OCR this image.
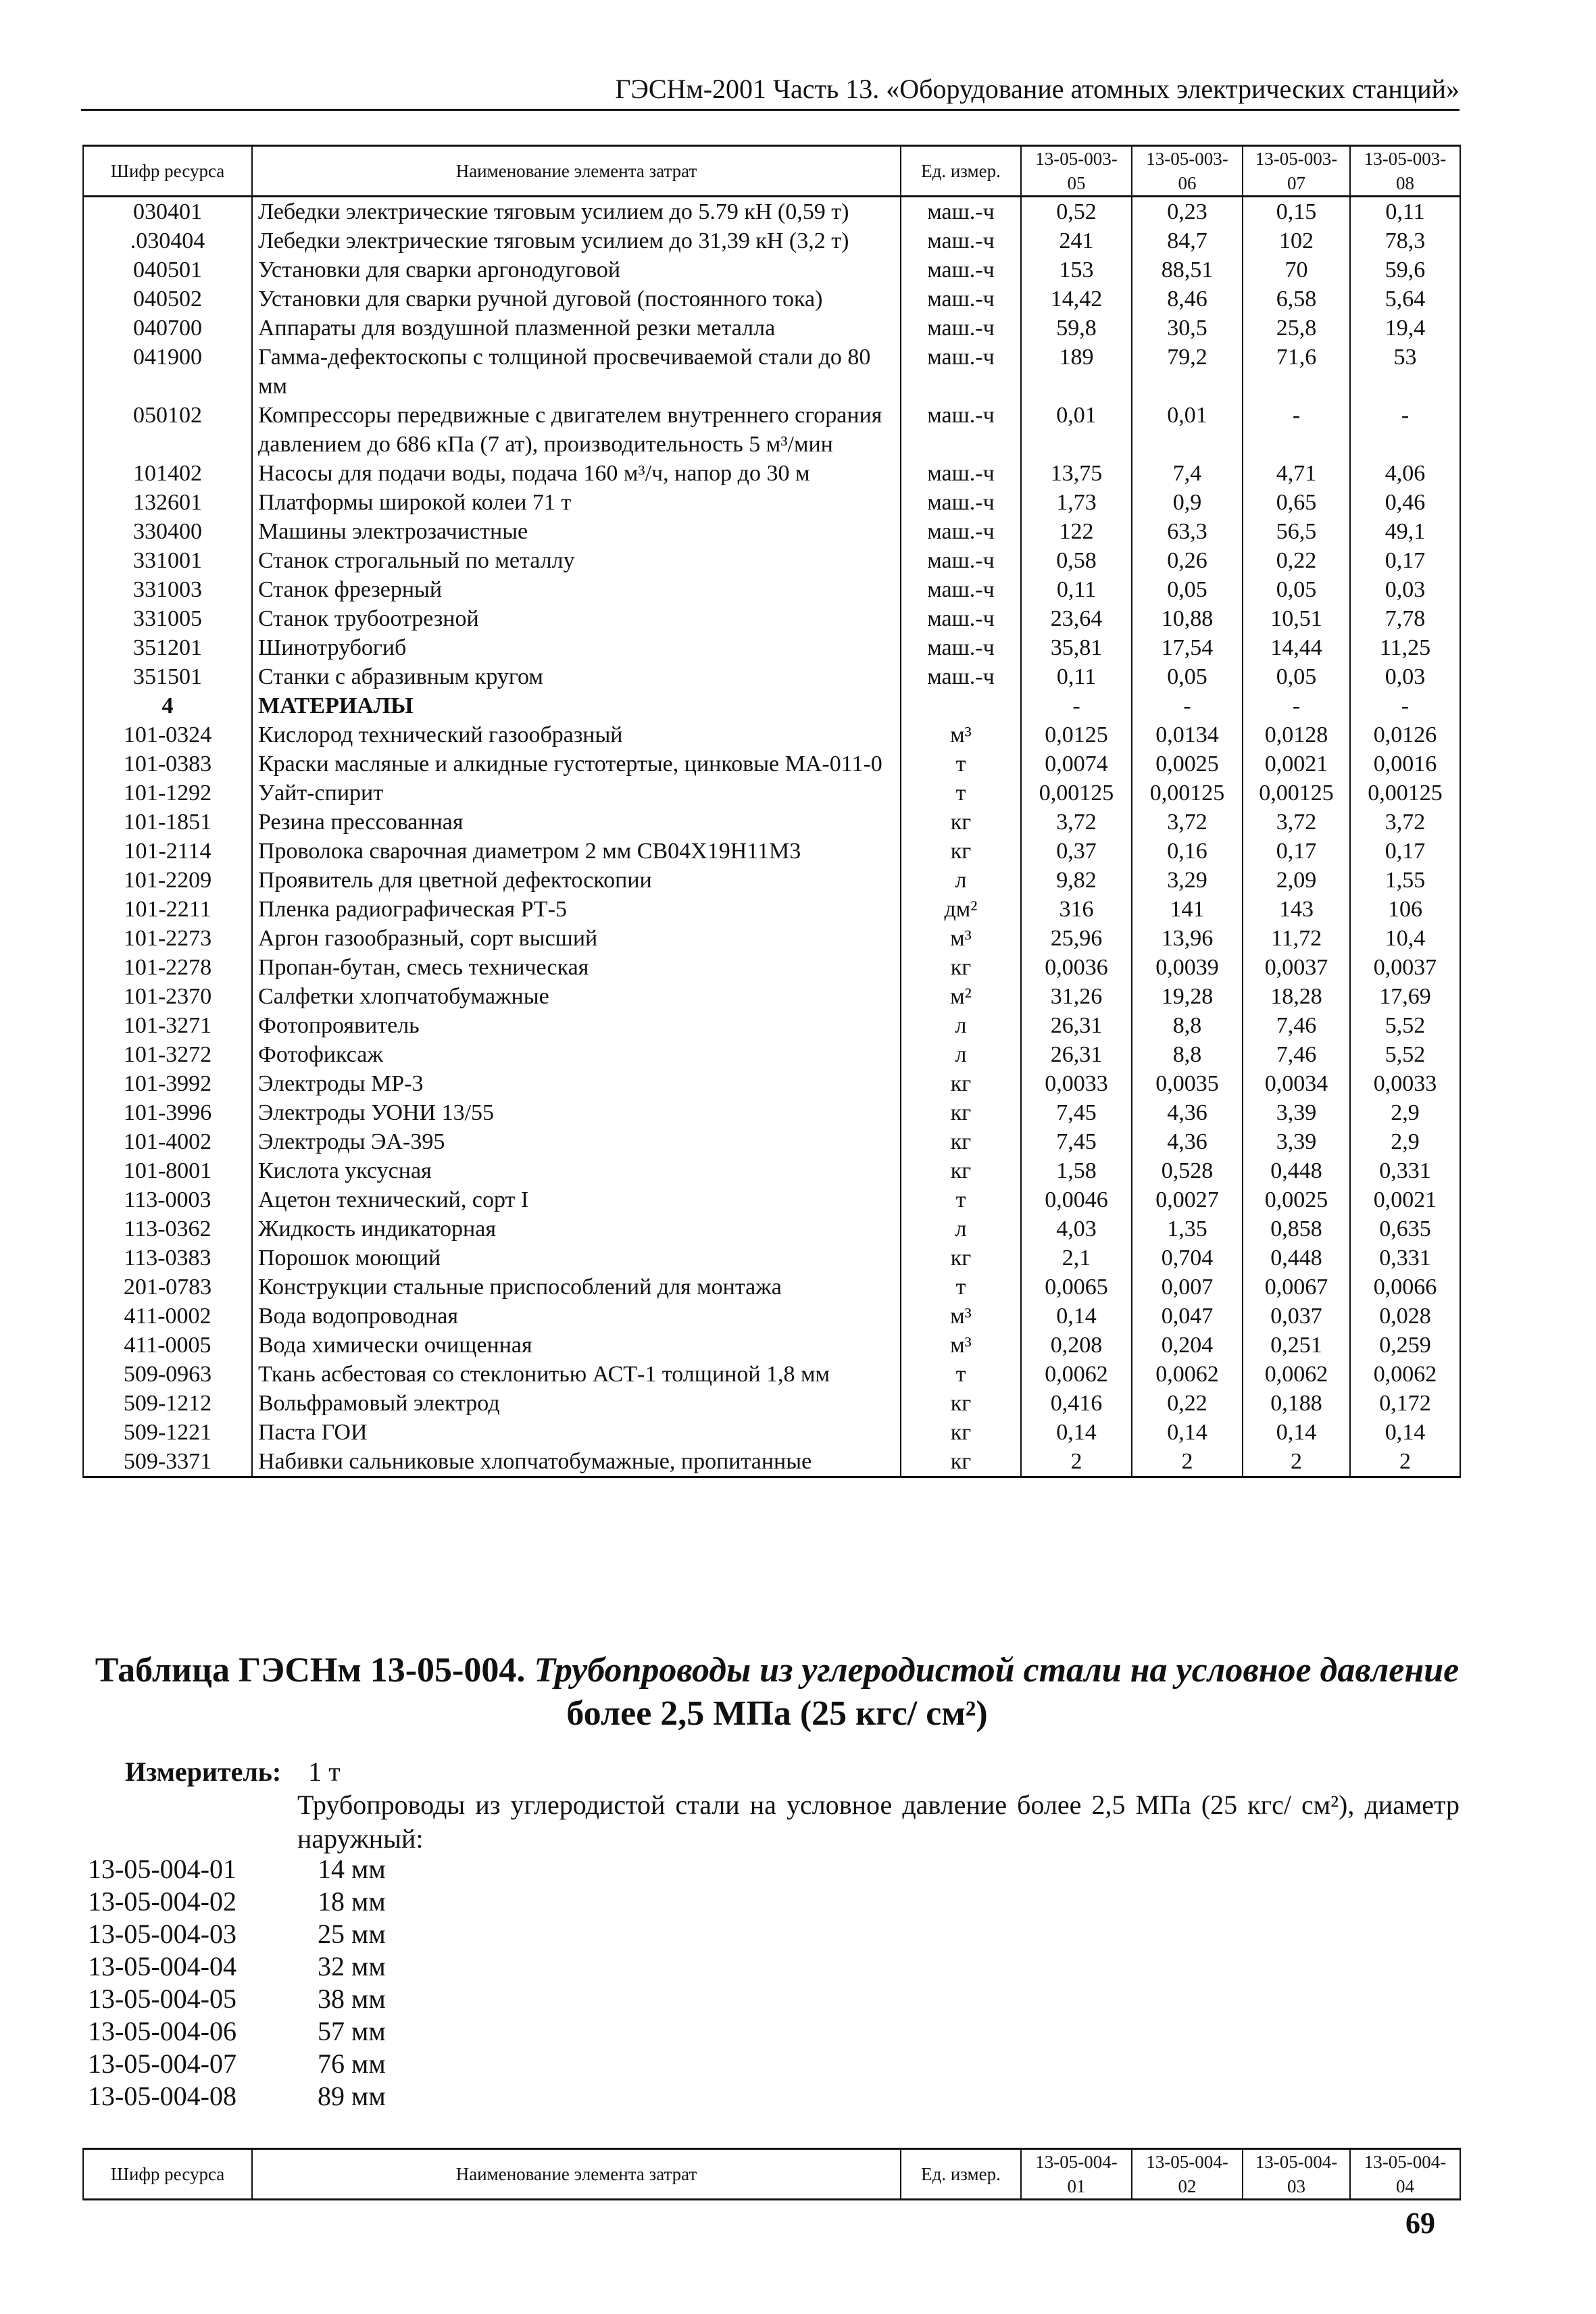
ГЭСНм-2001 Часть 13. «Оборудование атомных электрических станций»
Шифр ресурса	Наименование элемента затрат	Ед. измер.	13-05-003-05	13-05-003-06	13-05-003-07	13-05-003-08
030401	Лебедки электрические тяговым усилием до 5.79 кН (0,59 т)	маш.-ч	0,52	0,23	0,15	0,11
.030404	Лебедки электрические тяговым усилием до 31,39 кН (3,2 т)	маш.-ч	241	84,7	102	78,3
040501	Установки для сварки аргонодуговой	маш.-ч	153	88,51	70	59,6
040502	Установки для сварки ручной дуговой (постоянного тока)	маш.-ч	14,42	8,46	6,58	5,64
040700	Аппараты для воздушной плазменной резки металла	маш.-ч	59,8	30,5	25,8	19,4
041900	Гамма-дефектоскопы с толщиной просвечиваемой стали до 80 мм	маш.-ч	189	79,2	71,6	53
050102	Компрессоры передвижные с двигателем внутреннего сгорания давлением до 686 кПа (7 ат), производительность 5 м³/мин	маш.-ч	0,01	0,01	-	-
101402	Насосы для подачи воды, подача 160 м³/ч, напор до 30 м	маш.-ч	13,75	7,4	4,71	4,06
132601	Платформы широкой колеи 71 т	маш.-ч	1,73	0,9	0,65	0,46
330400	Машины электрозачистные	маш.-ч	122	63,3	56,5	49,1
331001	Станок строгальный по металлу	маш.-ч	0,58	0,26	0,22	0,17
331003	Станок фрезерный	маш.-ч	0,11	0,05	0,05	0,03
331005	Станок трубоотрезной	маш.-ч	23,64	10,88	10,51	7,78
351201	Шинотрубогиб	маш.-ч	35,81	17,54	14,44	11,25
351501	Станки с абразивным кругом	маш.-ч	0,11	0,05	0,05	0,03
4	МАТЕРИАЛЫ		-	-	-	-
101-0324	Кислород технический газообразный	м³	0,0125	0,0134	0,0128	0,0126
101-0383	Краски масляные и алкидные густотертые, цинковые МА-011-0	т	0,0074	0,0025	0,0021	0,0016
101-1292	Уайт-спирит	т	0,00125	0,00125	0,00125	0,00125
101-1851	Резина прессованная	кг	3,72	3,72	3,72	3,72
101-2114	Проволока сварочная диаметром 2 мм СВ04Х19Н11М3	кг	0,37	0,16	0,17	0,17
101-2209	Проявитель для цветной дефектоскопии	л	9,82	3,29	2,09	1,55
101-2211	Пленка радиографическая РТ-5	дм²	316	141	143	106
101-2273	Аргон газообразный, сорт высший	м³	25,96	13,96	11,72	10,4
101-2278	Пропан-бутан, смесь техническая	кг	0,0036	0,0039	0,0037	0,0037
101-2370	Салфетки хлопчатобумажные	м²	31,26	19,28	18,28	17,69
101-3271	Фотопроявитель	л	26,31	8,8	7,46	5,52
101-3272	Фотофиксаж	л	26,31	8,8	7,46	5,52
101-3992	Электроды МР-3	кг	0,0033	0,0035	0,0034	0,0033
101-3996	Электроды УОНИ 13/55	кг	7,45	4,36	3,39	2,9
101-4002	Электроды ЭА-395	кг	7,45	4,36	3,39	2,9
101-8001	Кислота уксусная	кг	1,58	0,528	0,448	0,331
113-0003	Ацетон технический, сорт I	т	0,0046	0,0027	0,0025	0,0021
113-0362	Жидкость индикаторная	л	4,03	1,35	0,858	0,635
113-0383	Порошок моющий	кг	2,1	0,704	0,448	0,331
201-0783	Конструкции стальные приспособлений для монтажа	т	0,0065	0,007	0,0067	0,0066
411-0002	Вода водопроводная	м³	0,14	0,047	0,037	0,028
411-0005	Вода химически очищенная	м³	0,208	0,204	0,251	0,259
509-0963	Ткань асбестовая со стеклонитью АСТ-1 толщиной 1,8 мм	т	0,0062	0,0062	0,0062	0,0062
509-1212	Вольфрамовый электрод	кг	0,416	0,22	0,188	0,172
509-1221	Паста ГОИ	кг	0,14	0,14	0,14	0,14
509-3371	Набивки сальниковые хлопчатобумажные, пропитанные	кг	2	2	2	2
Таблица ГЭСНм 13-05-004. Трубопроводы из углеродистой стали на условное давление
более 2,5 МПа (25 кгс/ см²)
Измеритель: 1 т
Трубопроводы из углеродистой стали на условное давление более 2,5 МПа (25 кгс/ см²), диаметр наружный:
13-05-004-01	14 мм
13-05-004-02	18 мм
13-05-004-03	25 мм
13-05-004-04	32 мм
13-05-004-05	38 мм
13-05-004-06	57 мм
13-05-004-07	76 мм
13-05-004-08	89 мм
Шифр ресурса	Наименование элемента затрат	Ед. измер.	13-05-004-01	13-05-004-02	13-05-004-03	13-05-004-04
69
